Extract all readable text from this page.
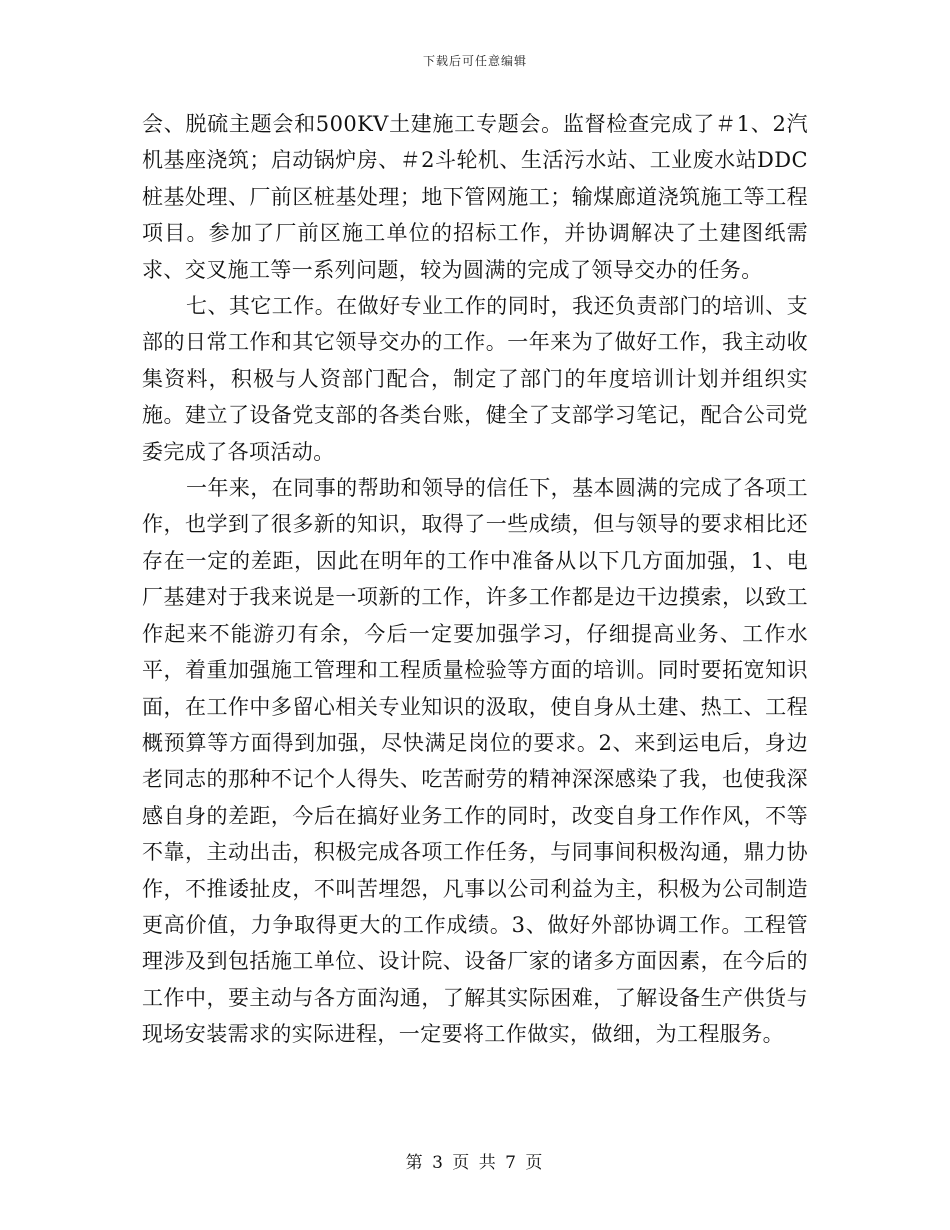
下载后可任意编辑

会、脱硫主题会和500KV土建施工专题会。监督检查完成了＃1、2汽机基座浇筑；启动锅炉房、＃2斗轮机、生活污水站、工业废水站DDC桩基处理、厂前区桩基处理；地下管网施工；输煤廊道浇筑施工等工程项目。参加了厂前区施工单位的招标工作，并协调解决了土建图纸需求、交叉施工等一系列问题，较为圆满的完成了领导交办的任务。

七、其它工作。在做好专业工作的同时，我还负责部门的培训、支部的日常工作和其它领导交办的工作。一年来为了做好工作，我主动收集资料，积极与人资部门配合，制定了部门的年度培训计划并组织实施。建立了设备党支部的各类台账，健全了支部学习笔记，配合公司党委完成了各项活动。

一年来，在同事的帮助和领导的信任下，基本圆满的完成了各项工作，也学到了很多新的知识，取得了一些成绩，但与领导的要求相比还存在一定的差距，因此在明年的工作中准备从以下几方面加强，1、电厂基建对于我来说是一项新的工作，许多工作都是边干边摸索，以致工作起来不能游刃有余，今后一定要加强学习，仔细提高业务、工作水平，着重加强施工管理和工程质量检验等方面的培训。同时要拓宽知识面，在工作中多留心相关专业知识的汲取，使自身从土建、热工、工程概预算等方面得到加强，尽快满足岗位的要求。2、来到运电后，身边老同志的那种不记个人得失、吃苦耐劳的精神深深感染了我，也使我深感自身的差距，今后在搞好业务工作的同时，改变自身工作作风，不等不靠，主动出击，积极完成各项工作任务，与同事间积极沟通，鼎力协作，不推诿扯皮，不叫苦埋怨，凡事以公司利益为主，积极为公司制造更高价值，力争取得更大的工作成绩。3、做好外部协调工作。工程管理涉及到包括施工单位、设计院、设备厂家的诸多方面因素，在今后的工作中，要主动与各方面沟通，了解其实际困难，了解设备生产供货与现场安装需求的实际进程，一定要将工作做实，做细，为工程服务。

第 3 页 共 7 页
